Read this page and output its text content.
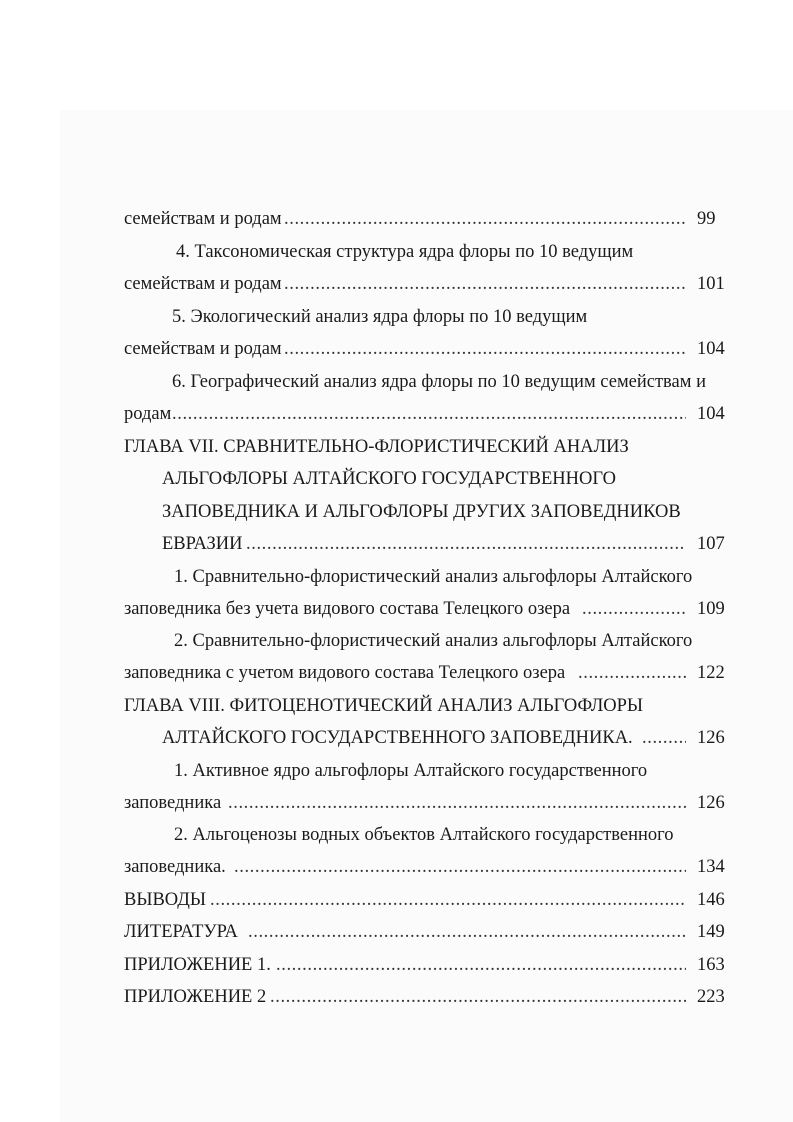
семействам и родам .....	99
4. Таксономическая структура ядра флоры по 10 ведущим
семействам и родам .....	101
5. Экологический анализ ядра флоры по 10 ведущим
семействам и родам .....	104
6. Географический анализ ядра флоры по 10 ведущим семействам и
родам .....	104
ГЛАВА VII. СРАВНИТЕЛЬНО-ФЛОРИСТИЧЕСКИЙ АНАЛИЗ
АЛЬГОФЛОРЫ АЛТАЙСКОГО ГОСУДАРСТВЕННОГО
ЗАПОВЕДНИКА И АЛЬГОФЛОРЫ ДРУГИХ ЗАПОВЕДНИКОВ
ЕВРАЗИИ .....	107
1. Сравнительно-флористический анализ альгофлоры Алтайского
заповедника без учета видового состава Телецкого озера .....	109
2. Сравнительно-флористический анализ альгофлоры Алтайского
заповедника с учетом видового состава Телецкого озера .....	122
ГЛАВА VIII. ФИТОЦЕНОТИЧЕСКИЙ АНАЛИЗ АЛЬГОФЛОРЫ
АЛТАЙСКОГО ГОСУДАРСТВЕННОГО ЗАПОВЕДНИКА. .....	126
1. Активное ядро альгофлоры Алтайского государственного
заповедника .....	126
2. Альгоценозы водных объектов Алтайского государственного
заповедника. .....	134
ВЫВОДЫ .....	146
ЛИТЕРАТУРА .....	149
ПРИЛОЖЕНИЕ 1. .....	163
ПРИЛОЖЕНИЕ 2 .....	223
